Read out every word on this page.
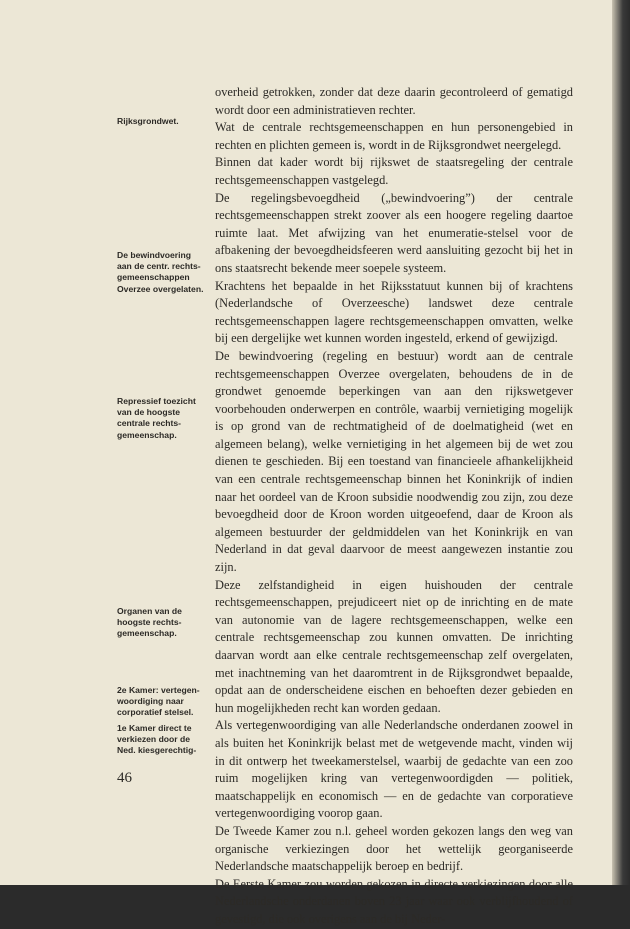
Rijksgrondwet.
De bewindvoering
aan de centr. rechts-
gemeenschappen
Overzee overgelaten.
Repressief toezicht
van de hoogste
centrale rechts-
gemeenschap.
Organen van de
hoogste rechts-
gemeenschap.
2e Kamer: vertegen-
woordiging naar
corporatief stelsel.
1e Kamer direct te
verkiezen door de
Ned. kiesgerechtig-

overheid getrokken, zonder dat deze daarin gecontroleerd of gematigd wordt door een administratieven rechter.

Wat de centrale rechtsgemeenschappen en hun personengebied in rechten en plichten gemeen is, wordt in de Rijksgrondwet neergelegd.

Binnen dat kader wordt bij rijkswet de staatsregeling der centrale rechtsgemeenschappen vastgelegd.

De regelingsbevoegdheid („bewindvoering”) der centrale rechtsgemeenschappen strekt zoover als een hoogere regeling daartoe ruimte laat. Met afwijzing van het enumeratie-stelsel voor de afbakening der bevoegdheidsfeeren werd aansluiting gezocht bij het in ons staatsrecht bekende meer soepele systeem.

Krachtens het bepaalde in het Rijksstatuut kunnen bij of krachtens (Nederlandsche of Overzeesche) landswet deze centrale rechtsgemeenschappen lagere rechtsgemeenschappen omvatten, welke bij een dergelijke wet kunnen worden ingesteld, erkend of gewijzigd.

De bewindvoering (regeling en bestuur) wordt aan de centrale rechtsgemeenschappen Overzee overgelaten, behoudens de in de grondwet genoemde beperkingen van aan den rijkswetgever voorbehouden onderwerpen en contrôle, waarbij vernietiging mogelijk is op grond van de rechtmatigheid of de doelmatigheid (wet en algemeen belang), welke vernietiging in het algemeen bij de wet zou dienen te geschieden. Bij een toestand van financieele afhankelijkheid van een centrale rechtsgemeenschap binnen het Koninkrijk of indien naar het oordeel van de Kroon subsidie noodwendig zou zijn, zou deze bevoegdheid door de Kroon worden uitgeoefend, daar de Kroon als algemeen bestuurder der geldmiddelen van het Koninkrijk en van Nederland in dat geval daarvoor de meest aangewezen instantie zou zijn.

Deze zelfstandigheid in eigen huishouden der centrale rechtsgemeenschappen, prejudiceert niet op de inrichting en de mate van autonomie van de lagere rechtsgemeenschappen, welke een centrale rechtsgemeenschap zou kunnen omvatten. De inrichting daarvan wordt aan elke centrale rechtsgemeenschap zelf overgelaten, met inachtneming van het daaromtrent in de Rijksgrondwet bepaalde, opdat aan de onderscheidene eischen en behoeften dezer gebieden en hun mogelijkheden recht kan worden gedaan.

Als vertegenwoordiging van alle Nederlandsche onderdanen zoowel in als buiten het Koninkrijk belast met de wetgevende macht, vinden wij in dit ontwerp het tweekamerstelsel, waarbij de gedachte van een zoo ruim mogelijken kring van vertegenwoordigden — politiek, maatschappelijk en economisch — en de gedachte van corporatieve vertegenwoordiging voorop gaan.

De Tweede Kamer zou n.l. geheel worden gekozen langs den weg van organische verkiezingen door het wettelijk georganiseerde Nederlandsche maatschappelijk beroep en bedrijf.

De Eerste Kamer zou worden gekozen in directe verkiezingen door alle Nederlandsche onderdanen boven 23 jaar waar ook verblijfhoudend of gevestigd, die ook overigens aan de bij Neder-

46
